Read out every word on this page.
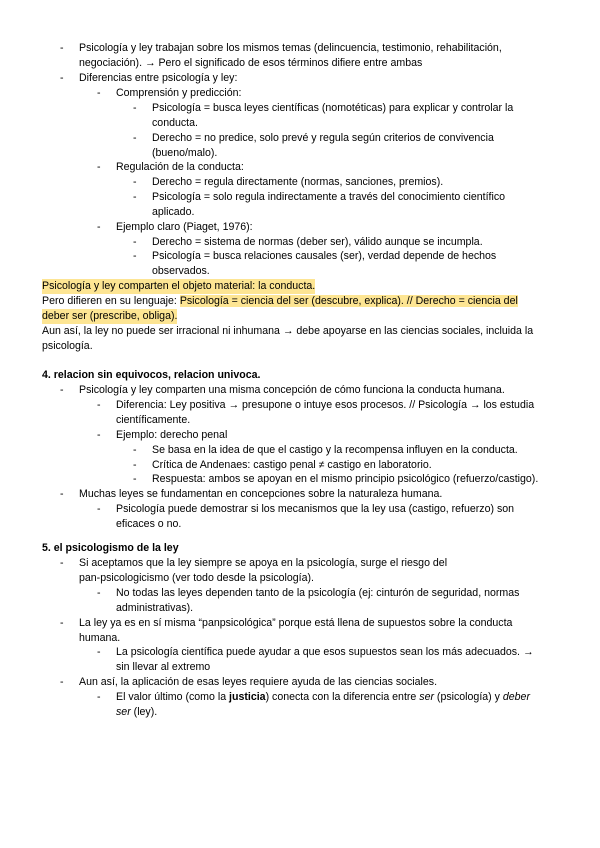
- Psicología y ley trabajan sobre los mismos temas (delincuencia, testimonio, rehabilitación,
negociación). → Pero el significado de esos términos difiere entre ambas
- Diferencias entre psicología y ley:
- Comprensión y predicción:
- Psicología = busca leyes científicas (nomotéticas) para explicar y controlar la
conducta.
- Derecho = no predice, solo prevé y regula según criterios de convivencia
(bueno/malo).
- Regulación de la conducta:
- Derecho = regula directamente (normas, sanciones, premios).
- Psicología = solo regula indirectamente a través del conocimiento científico
aplicado.
- Ejemplo claro (Piaget, 1976):
- Derecho = sistema de normas (deber ser), válido aunque se incumpla.
- Psicología = busca relaciones causales (ser), verdad depende de hechos
observados.
Psicología y ley comparten el objeto material: la conducta.
Pero difieren en su lenguaje: Psicología = ciencia del ser (descubre, explica). // Derecho = ciencia del
deber ser (prescribe, obliga).
Aun así, la ley no puede ser irracional ni inhumana → debe apoyarse en las ciencias sociales, incluida la
psicología.
4. relacion sin equivocos, relacion univoca.
- Psicología y ley comparten una misma concepción de cómo funciona la conducta humana.
- Diferencia: Ley positiva → presupone o intuye esos procesos. // Psicología → los estudia
científicamente.
- Ejemplo: derecho penal
- Se basa en la idea de que el castigo y la recompensa influyen en la conducta.
- Crítica de Andenaes: castigo penal ≠ castigo en laboratorio.
- Respuesta: ambos se apoyan en el mismo principio psicológico (refuerzo/castigo).
- Muchas leyes se fundamentan en concepciones sobre la naturaleza humana.
- Psicología puede demostrar si los mecanismos que la ley usa (castigo, refuerzo) son
eficaces o no.
5. el psicologismo de la ley
- Si aceptamos que la ley siempre se apoya en la psicología, surge el riesgo del
pan-psicologicismo (ver todo desde la psicología).
- No todas las leyes dependen tanto de la psicología (ej: cinturón de seguridad, normas
administrativas).
- La ley ya es en sí misma “panpsicológica” porque está llena de supuestos sobre la conducta
humana.
- La psicología científica puede ayudar a que esos supuestos sean los más adecuados. →
sin llevar al extremo
- Aun así, la aplicación de esas leyes requiere ayuda de las ciencias sociales.
- El valor último (como la justicia) conecta con la diferencia entre ser (psicología) y deber
ser (ley).
